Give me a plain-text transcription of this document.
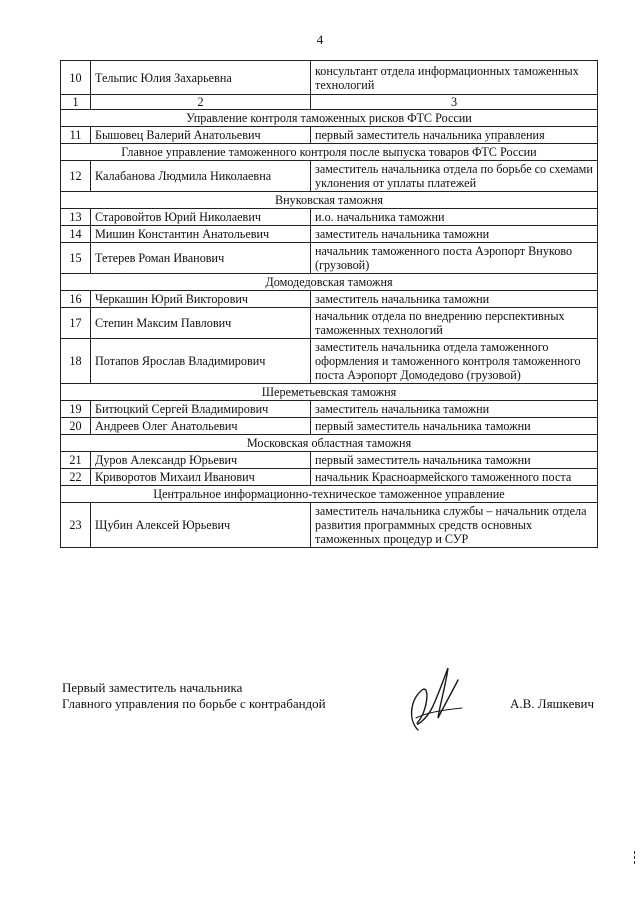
4
10	Тельпис Юлия Захарьевна	консультант отдела информационных таможенных технологий
1	2	3
Управление контроля таможенных рисков ФТС России		
11	Бышовец Валерий Анатольевич	первый заместитель начальника управления
Главное управление таможенного контроля после выпуска товаров ФТС России		
12	Калабанова Людмила Николаевна	заместитель начальника отдела по борьбе со схемами уклонения от уплаты платежей
Внуковская таможня		
13	Старовойтов Юрий Николаевич	и.о. начальника таможни
14	Мишин Константин Анатольевич	заместитель начальника таможни
15	Тетерев Роман Иванович	начальник таможенного поста Аэропорт Внуково (грузовой)
Домодедовская таможня		
16	Черкашин Юрий Викторович	заместитель начальника таможни
17	Степин Максим Павлович	начальник отдела по внедрению перспективных таможенных технологий
18	Потапов Ярослав Владимирович	заместитель начальника отдела таможенного оформления и таможенного контроля таможенного поста Аэропорт Домодедово (грузовой)
Шереметьевская таможня		
19	Битюцкий Сергей Владимирович	заместитель начальника таможни
20	Андреев Олег Анатольевич	первый заместитель начальника таможни
Московская областная таможня		
21	Дуров Александр Юрьевич	первый заместитель начальника таможни
22	Криворотов Михаил Иванович	начальник Красноармейского таможенного поста
Центральное информационно-техническое таможенное управление		
23	Щубин Алексей Юрьевич	заместитель начальника службы – начальник отдела развития программных средств основных таможенных процедур и СУР
Первый заместитель начальника
Главного управления по борьбе с контрабандой	А.В. Ляшкевич
